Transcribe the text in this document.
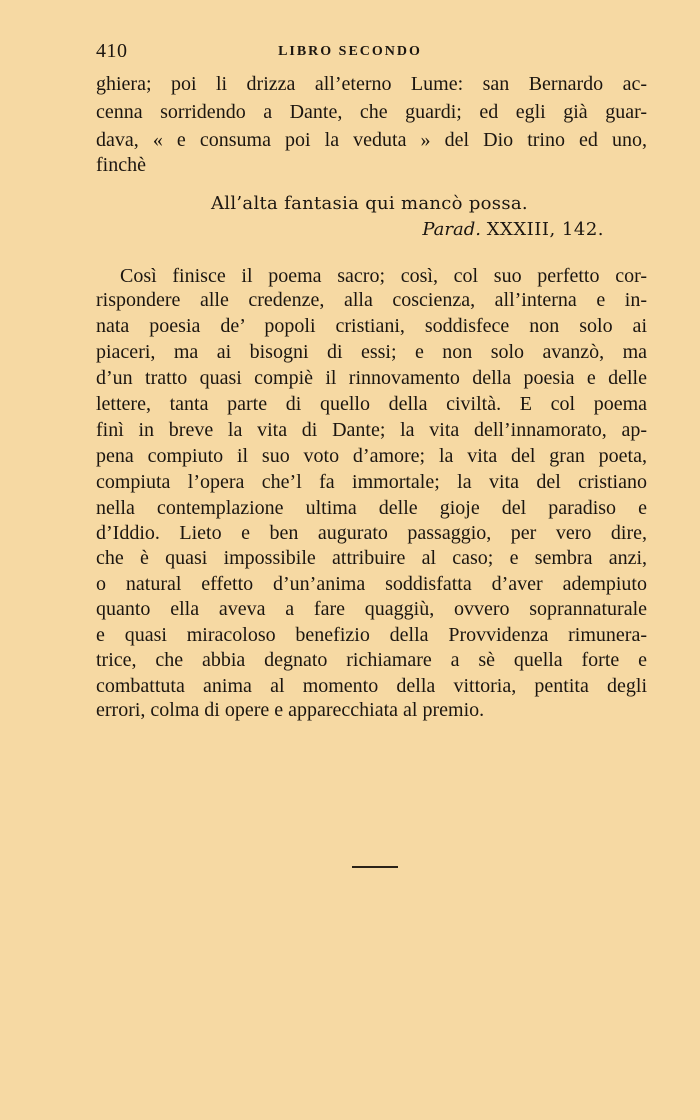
410	LIBRO SECONDO
ghiera; poi li drizza all’eterno Lume: san Bernardo ac-
cenna sorridendo a Dante, che guardi; ed egli già guar-
dava, « e consuma poi la veduta » del Dio trino ed uno,
finchè
All’alta fantasia qui mancò possa.
Parad. XXXIII, 142.
Così finisce il poema sacro; così, col suo perfetto cor-
rispondere alle credenze, alla coscienza, all’interna e in-
nata poesia de’ popoli cristiani, soddisfece non solo ai
piaceri, ma ai bisogni di essi; e non solo avanzò, ma
d’un tratto quasi compiè il rinnovamento della poesia e delle
lettere, tanta parte di quello della civiltà. E col poema
finì in breve la vita di Dante; la vita dell’innamorato, ap-
pena compiuto il suo voto d’amore; la vita del gran poeta,
compiuta l’opera che’l fa immortale; la vita del cristiano
nella contemplazione ultima delle gioje del paradiso e
d’Iddio. Lieto e ben augurato passaggio, per vero dire,
che è quasi impossibile attribuire al caso; e sembra anzi,
o natural effetto d’un’anima soddisfatta d’aver adempiuto
quanto ella aveva a fare quaggiù, ovvero soprannaturale
e quasi miracoloso benefizio della Provvidenza rimunera-
trice, che abbia degnato richiamare a sè quella forte e
combattuta anima al momento della vittoria, pentita degli
errori, colma di opere e apparecchiata al premio.
